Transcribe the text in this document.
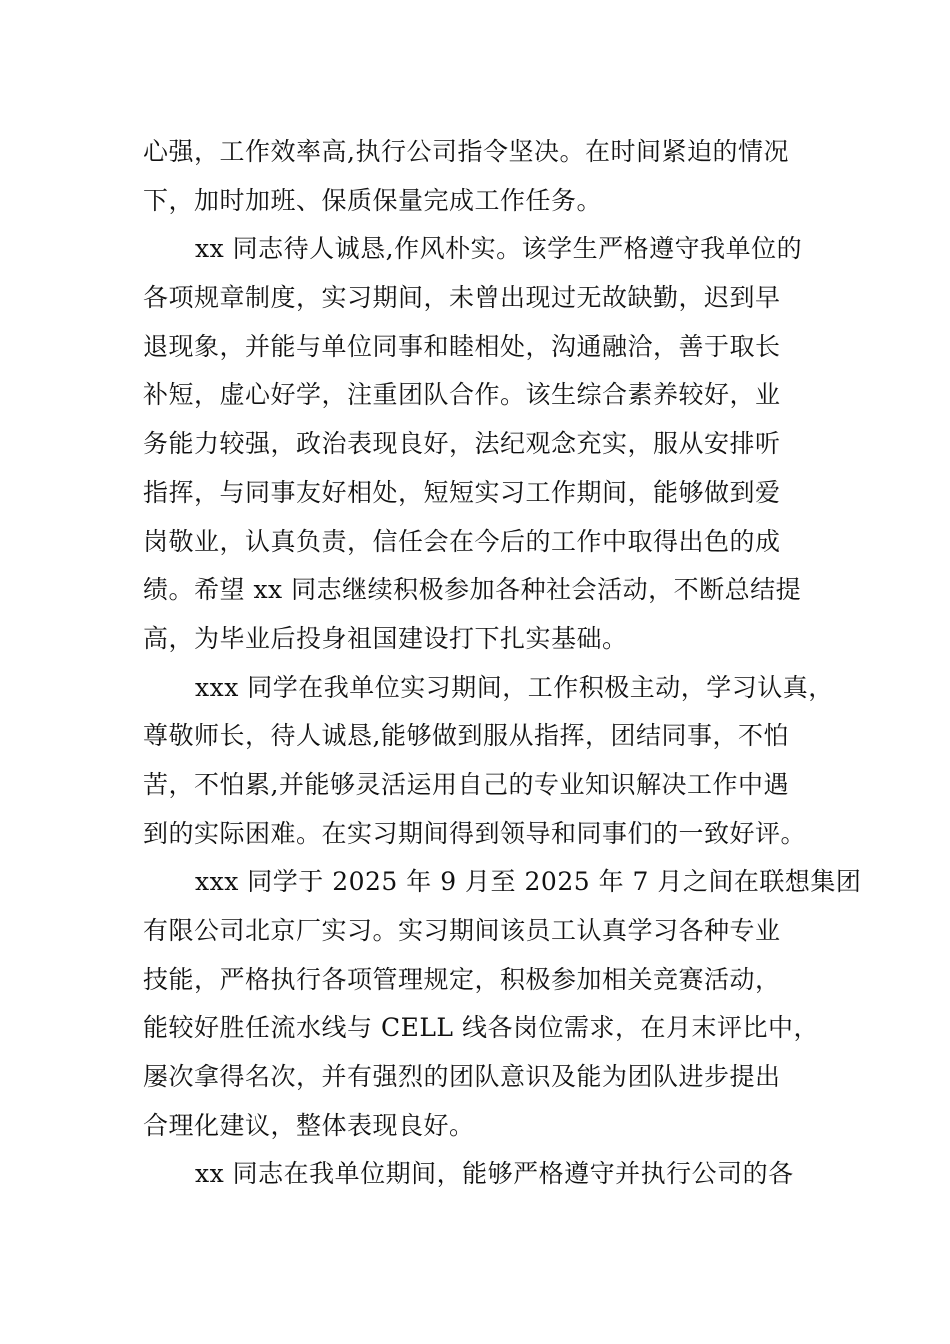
心强，工作效率高,执行公司指令坚决。在时间紧迫的情况
下，加时加班、保质保量完成工作任务。
xx 同志待人诚恳,作风朴实。该学生严格遵守我单位的
各项规章制度，实习期间，未曾出现过无故缺勤，迟到早
退现象，并能与单位同事和睦相处，沟通融洽，善于取长
补短，虚心好学，注重团队合作。该生综合素养较好，业
务能力较强，政治表现良好，法纪观念充实，服从安排听
指挥，与同事友好相处，短短实习工作期间，能够做到爱
岗敬业，认真负责，信任会在今后的工作中取得出色的成
绩。希望 xx 同志继续积极参加各种社会活动，不断总结提
高，为毕业后投身祖国建设打下扎实基础。
xxx 同学在我单位实习期间，工作积极主动，学习认真，
尊敬师长，待人诚恳,能够做到服从指挥，团结同事，不怕
苦，不怕累,并能够灵活运用自己的专业知识解决工作中遇
到的实际困难。在实习期间得到领导和同事们的一致好评。
xxx 同学于 2025 年 9 月至 2025 年 7 月之间在联想集团
有限公司北京厂实习。实习期间该员工认真学习各种专业
技能，严格执行各项管理规定，积极参加相关竞赛活动，
能较好胜任流水线与 CELL 线各岗位需求，在月末评比中，
屡次拿得名次，并有强烈的团队意识及能为团队进步提出
合理化建议，整体表现良好。
xx 同志在我单位期间，能够严格遵守并执行公司的各
